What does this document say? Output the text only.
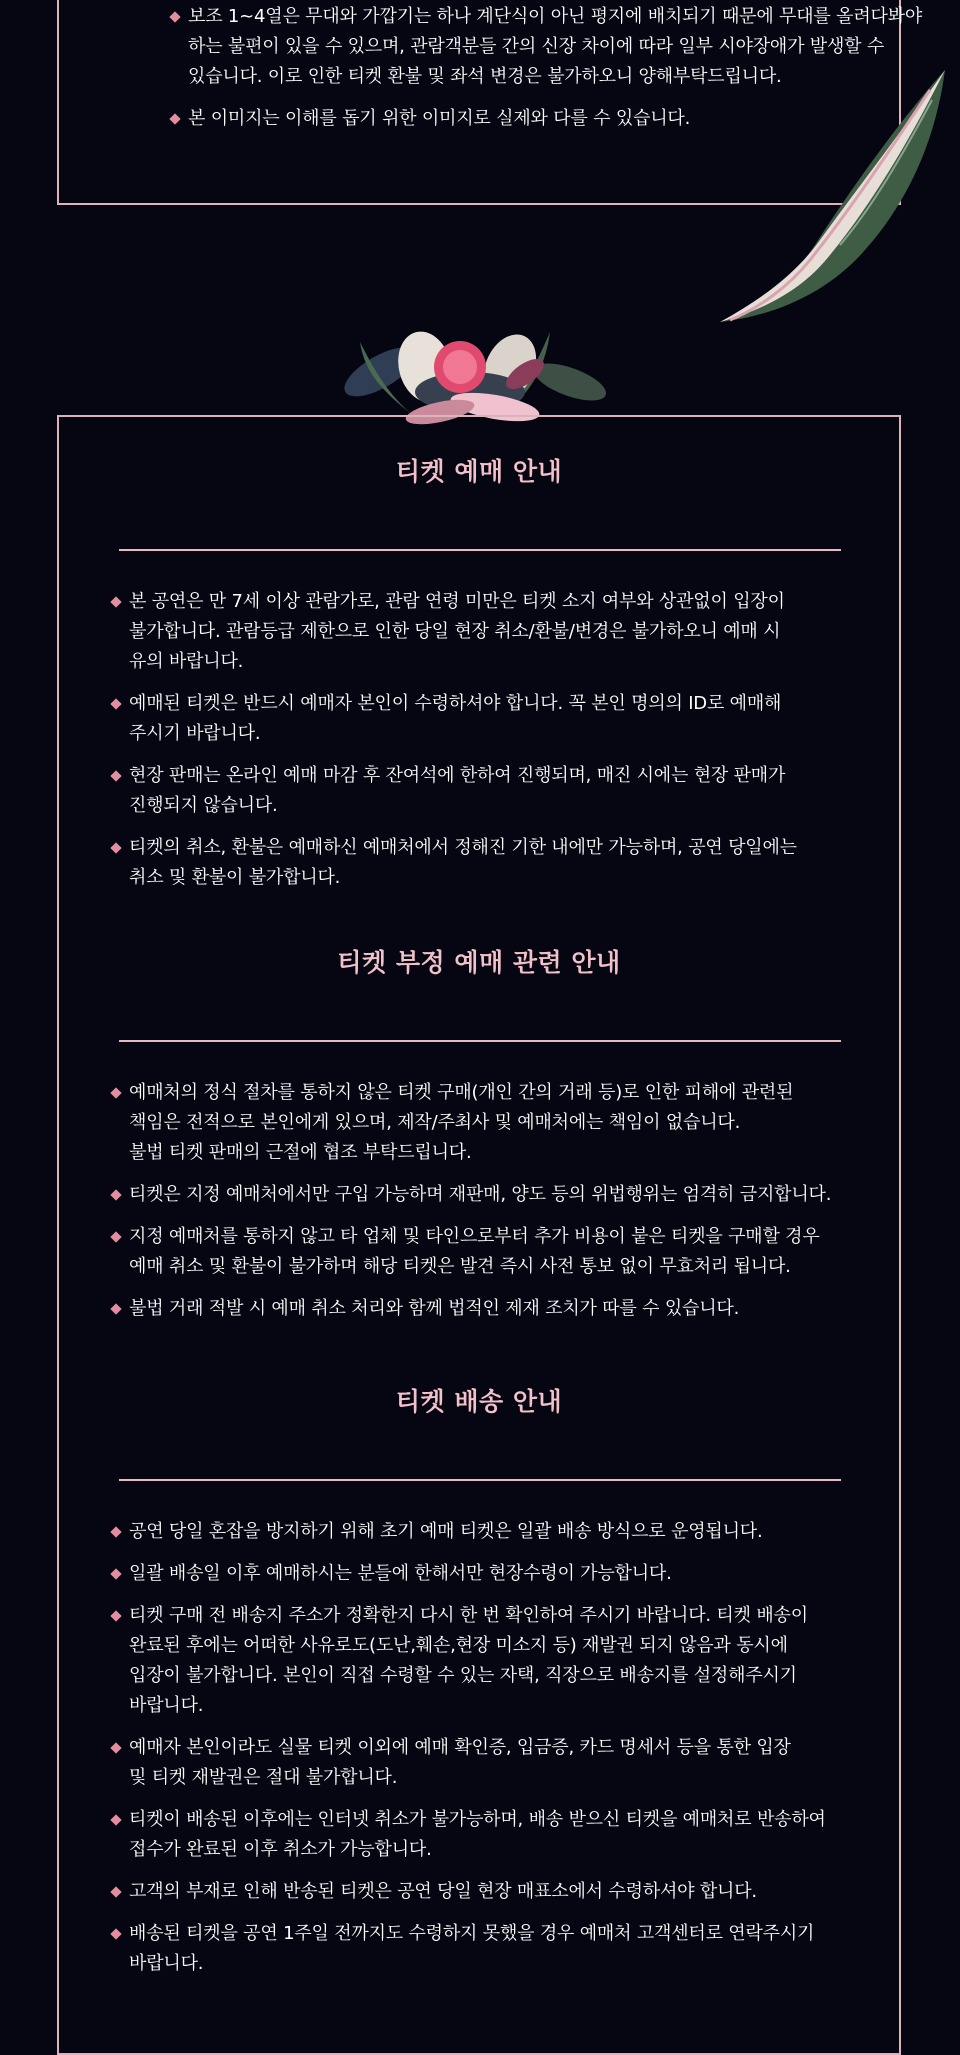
보조 1~4열은 무대와 가깝기는 하나 계단식이 아닌 평지에 배치되기 때문에 무대를 올려다봐야
하는 불편이 있을 수 있으며, 관람객분들 간의 신장 차이에 따라 일부 시야장애가 발생할 수
있습니다. 이로 인한 티켓 환불 및 좌석 변경은 불가하오니 양해부탁드립니다.
본 이미지는 이해를 돕기 위한 이미지로 실제와 다를 수 있습니다.
티켓 예매 안내
본 공연은 만 7세 이상 관람가로, 관람 연령 미만은 티켓 소지 여부와 상관없이 입장이
불가합니다. 관람등급 제한으로 인한 당일 현장 취소/환불/변경은 불가하오니 예매 시
유의 바랍니다.
예매된 티켓은 반드시 예매자 본인이 수령하셔야 합니다. 꼭 본인 명의의 ID로 예매해
주시기 바랍니다.
현장 판매는 온라인 예매 마감 후 잔여석에 한하여 진행되며, 매진 시에는 현장 판매가
진행되지 않습니다.
티켓의 취소, 환불은 예매하신 예매처에서 정해진 기한 내에만 가능하며, 공연 당일에는
취소 및 환불이 불가합니다.
티켓 부정 예매 관련 안내
예매처의 정식 절차를 통하지 않은 티켓 구매(개인 간의 거래 등)로 인한 피해에 관련된
책임은 전적으로 본인에게 있으며, 제작/주최사 및 예매처에는 책임이 없습니다.
불법 티켓 판매의 근절에 협조 부탁드립니다.
티켓은 지정 예매처에서만 구입 가능하며 재판매, 양도 등의 위법행위는 엄격히 금지합니다.
지정 예매처를 통하지 않고 타 업체 및 타인으로부터 추가 비용이 붙은 티켓을 구매할 경우
예매 취소 및 환불이 불가하며 해당 티켓은 발견 즉시 사전 통보 없이 무효처리 됩니다.
불법 거래 적발 시 예매 취소 처리와 함께 법적인 제재 조치가 따를 수 있습니다.
티켓 배송 안내
공연 당일 혼잡을 방지하기 위해 초기 예매 티켓은 일괄 배송 방식으로 운영됩니다.
일괄 배송일 이후 예매하시는 분들에 한해서만 현장수령이 가능합니다.
티켓 구매 전 배송지 주소가 정확한지 다시 한 번 확인하여 주시기 바랍니다. 티켓 배송이
완료된 후에는 어떠한 사유로도(도난,훼손,현장 미소지 등) 재발권 되지 않음과 동시에
입장이 불가합니다. 본인이 직접 수령할 수 있는 자택, 직장으로 배송지를 설정해주시기
바랍니다.
예매자 본인이라도 실물 티켓 이외에 예매 확인증, 입금증, 카드 명세서 등을 통한 입장
및 티켓 재발권은 절대 불가합니다.
티켓이 배송된 이후에는 인터넷 취소가 불가능하며, 배송 받으신 티켓을 예매처로 반송하여
접수가 완료된 이후 취소가 가능합니다.
고객의 부재로 인해 반송된 티켓은 공연 당일 현장 매표소에서 수령하셔야 합니다.
배송된 티켓을 공연 1주일 전까지도 수령하지 못했을 경우 예매처 고객센터로 연락주시기
바랍니다.
